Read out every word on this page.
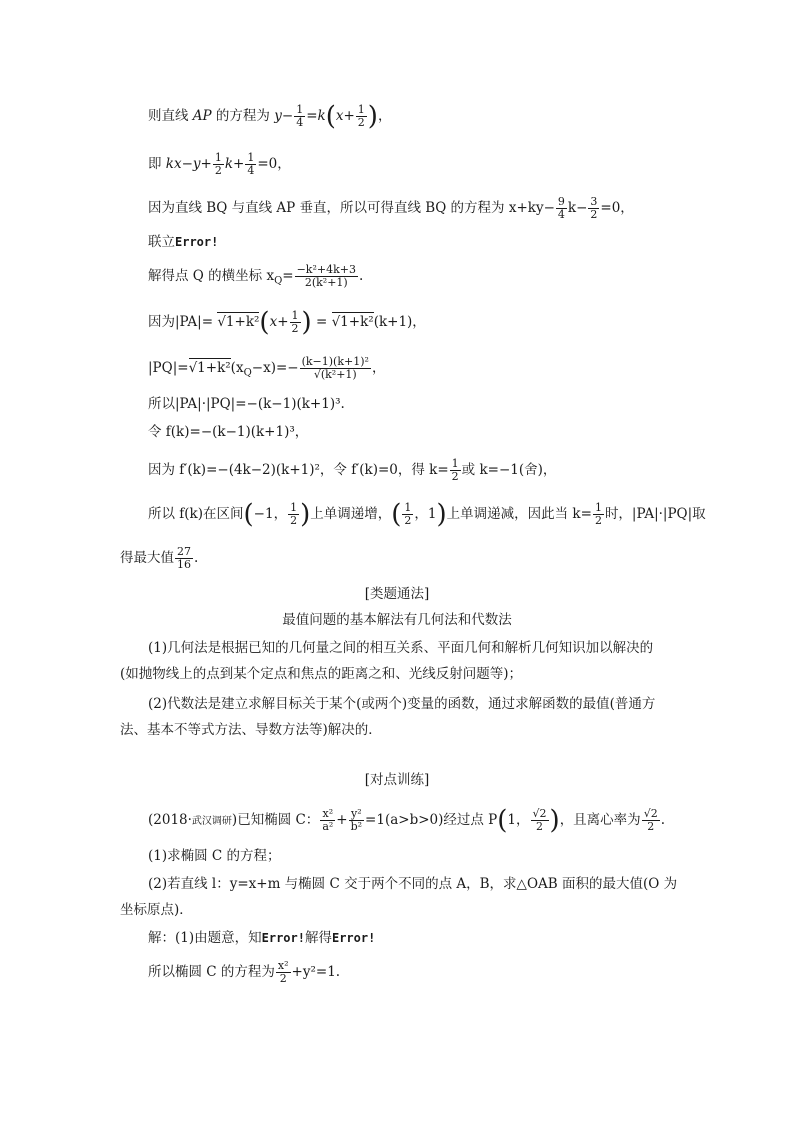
则直线 AP 的方程为 $y- \frac{1}{4} =k(x+ \frac{1}{2}$ )，
即 $kx-y+ \frac{1}{2} k+ \frac{1}{4} =0$，
因为直线 BQ 与直线 AP 垂直，所以可得直线 BQ 的方程为 $x+ky- \frac{9}{4} k- \frac{3}{2} =0$，
联立Error!
解得点 Q 的横坐标 $x_Q= \frac{\text{−k²+4k+3}}{\text{2(k²+1)}}$ .
因为$|PA|= √1+k^2(x+ \frac{1}{2}$ ) = √1+k²(k+1)，
$|PQ|=√1+k^2(x_Q-x)=- \frac{\text{(k−1)(k+1)²}}{\text{√(k²+1)}}$ ，
所以|PA|·|PQ|=−(k−1)(k+1)³.
令 f(k)=−(k−1)(k+1)³，
因为 f′(k)=−(4k−2)(k+1)²，令 f′(k)=0，得 $k= \frac{1}{2}$ 或 k=−1(舍)，
所以 f(k)在区间(−1， $\frac{1}{2}$ )上单调递增，( $\frac{1}{2}$ ，1)上单调递减，因此当 $k= \frac{1}{2}$ 时，|PA|·|PQ|取
得最大值 $\frac{27}{16}$ .
[类题通法]
最值问题的基本解法有几何法和代数法
(1)几何法是根据已知的几何量之间的相互关系、平面几何和解析几何知识加以解决的
(如抛物线上的点到某个定点和焦点的距离之和、光线反射问题等)；
(2)代数法是建立求解目标关于某个(或两个)变量的函数，通过求解函数的最值(普通方
法、基本不等式方法、导数方法等)解决的．
[对点训练]
(2018·武汉调研)已知椭圆 C： $\frac{\text{x²}}{\text{a²}} + \frac{\text{y²}}{\text{b²}} =1(a>b>0)$经过点 P(1， $\frac{√2}{2}$ )，且离心率为 $\frac{√2}{2}$ .
(1)求椭圆 C 的方程；
(2)若直线 l：y=x+m 与椭圆 C 交于两个不同的点 A，B，求△OAB 面积的最大值(O 为
坐标原点)．
解：(1)由题意，知Error!解得Error!
所以椭圆 C 的方程为 $\frac{\text{x²}}{2} +y^2=1$.
